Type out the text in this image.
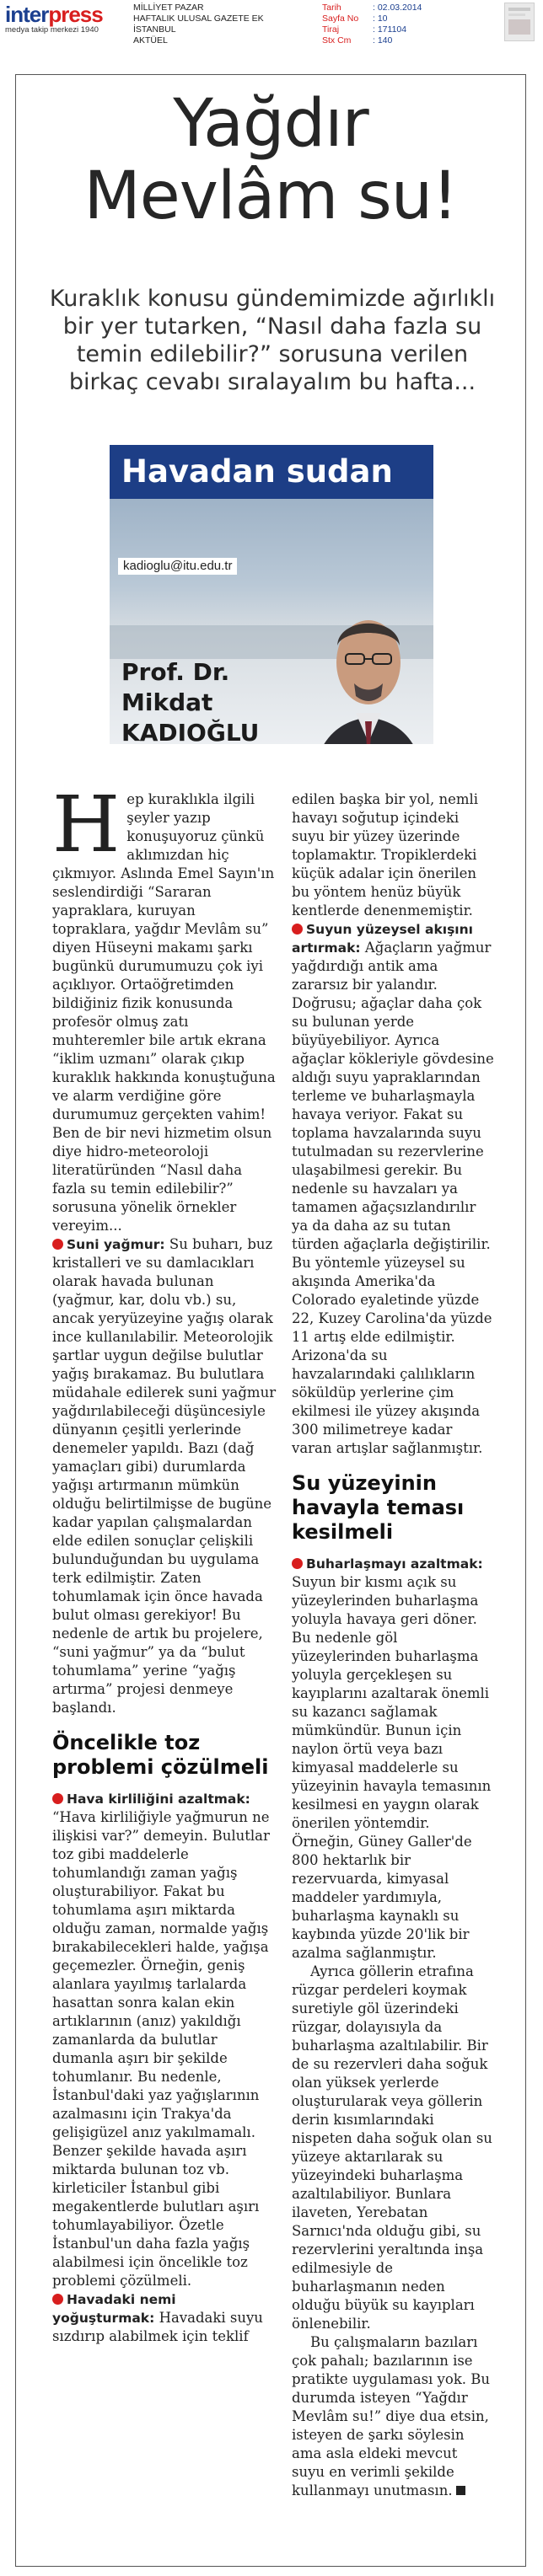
interpress
medya takip merkezi 1940
MİLLİYET PAZAR
HAFTALIK ULUSAL GAZETE EK
İSTANBUL
AKTÜEL
Tarih	: 02.03.2014
Sayfa No	: 10
Tiraj	: 171104
Stx Cm	: 140
Yağdır
Mevlâm su!
Kuraklık konusu gündemimizde ağırlıklı bir yer tutarken, “Nasıl daha fazla su temin edilebilir?” sorusuna verilen birkaç cevabı sıralayalım bu hafta...
Havadan sudan
kadioglu@itu.edu.tr
Prof. Dr.
Mikdat
KADIOĞLU

Hep kuraklıkla ilgili şeyler yazıp konuşuyoruz çünkü aklımızdan hiç çıkmıyor. Aslında Emel Sayın'ın seslendirdiği “Sararan yapraklara, kuruyan topraklara, yağdır Mevlâm su” diyen Hüseyni makamı şarkı bugünkü durumumuzu çok iyi açıklıyor. Ortaöğretimden bildiğiniz fizik konusunda profesör olmuş zatı muhteremler bile artık ekrana “iklim uzmanı” olarak çıkıp kuraklık hakkında konuştuğuna ve alarm verdiğine göre durumumuz gerçekten vahim! Ben de bir nevi hizmetim olsun diye hidro-meteoroloji literatüründen “Nasıl daha fazla su temin edilebilir?” sorusuna yönelik örnekler vereyim...

Suni yağmur: Su buharı, buz kristalleri ve su damlacıkları olarak havada bulunan (yağmur, kar, dolu vb.) su, ancak yeryüzeyine yağış olarak ince kullanılabilir. Meteorolojik şartlar uygun değilse bulutlar yağış bırakamaz. Bu bulutlara müdahale edilerek suni yağmur yağdırılabileceği düşüncesiyle dünyanın çeşitli yerlerinde denemeler yapıldı. Bazı (dağ yamaçları gibi) durumlarda yağışı artırmanın mümkün olduğu belirtilmişse de bugüne kadar yapılan çalışmalardan elde edilen sonuçlar çelişkili bulunduğundan bu uygulama terk edilmiştir. Zaten tohumlamak için önce havada bulut olması gerekiyor! Bu nedenle de artık bu projelere, “suni yağmur” ya da “bulut tohumlama” yerine “yağış artırma” projesi denmeye başlandı.

Öncelikle toz problemi çözülmeli

Hava kirliliğini azaltmak: “Hava kirliliğiyle yağmurun ne ilişkisi var?” demeyin. Bulutlar toz gibi maddelerle tohumlandığı zaman yağış oluşturabiliyor. Fakat bu tohumlama aşırı miktarda olduğu zaman, normalde yağış bırakabilecekleri halde, yağışa geçemezler. Örneğin, geniş alanlara yayılmış tarlalarda hasattan sonra kalan ekin artıklarının (anız) yakıldığı zamanlarda da bulutlar dumanla aşırı bir şekilde tohumlanır. Bu nedenle, İstanbul'daki yaz yağışlarının azalmasını için Trakya'da gelişigüzel anız yakılmamalı. Benzer şekilde havada aşırı miktarda bulunan toz vb. kirleticiler İstanbul gibi megakentlerde bulutları aşırı tohumlayabiliyor. Özetle İstanbul'un daha fazla yağış alabilmesi için öncelikle toz problemi çözülmeli.

Havadaki nemi yoğuşturmak: Havadaki suyu sızdırıp alabilmek için teklif

edilen başka bir yol, nemli havayı soğutup içindeki suyu bir yüzey üzerinde toplamaktır. Tropiklerdeki küçük adalar için önerilen bu yöntem henüz büyük kentlerde denenmemiştir.

Suyun yüzeysel akışını artırmak: Ağaçların yağmur yağdırdığı antik ama zararsız bir yalandır. Doğrusu; ağaçlar daha çok su bulunan yerde büyüyebiliyor. Ayrıca ağaçlar kökleriyle gövdesine aldığı suyu yapraklarından terleme ve buharlaşmayla havaya veriyor. Fakat su toplama havzalarında suyu tutulmadan su rezervlerine ulaşabilmesi gerekir. Bu nedenle su havzaları ya tamamen ağaçsızlandırılır ya da daha az su tutan türden ağaçlarla değiştirilir. Bu yöntemle yüzeysel su akışında Amerika'da Colorado eyaletinde yüzde 22, Kuzey Carolina'da yüzde 11 artış elde edilmiştir. Arizona'da su havzalarındaki çalılıkların söküldüp yerlerine çim ekilmesi ile yüzey akışında 300 milimetreye kadar varan artışlar sağlanmıştır.

Su yüzeyinin havayla teması kesilmeli

Buharlaşmayı azaltmak: Suyun bir kısmı açık su yüzeylerinden buharlaşma yoluyla havaya geri döner. Bu nedenle göl yüzeylerinden buharlaşma yoluyla gerçekleşen su kayıplarını azaltarak önemli su kazancı sağlamak mümkündür. Bunun için naylon örtü veya bazı kimyasal maddelerle su yüzeyinin havayla temasının kesilmesi en yaygın olarak önerilen yöntemdir. Örneğin, Güney Galler'de 800 hektarlık bir rezervuarda, kimyasal maddeler yardımıyla, buharlaşma kaynaklı su kaybında yüzde 20'lik bir azalma sağlanmıştır.

Ayrıca göllerin etrafına rüzgar perdeleri koymak suretiyle göl üzerindeki rüzgar, dolayısıyla da buharlaşma azaltılabilir. Bir de su rezervleri daha soğuk olan yüksek yerlerde oluşturularak veya göllerin derin kısımlarındaki nispeten daha soğuk olan su yüzeye aktarılarak su yüzeyindeki buharlaşma azaltılabiliyor. Bunlara ilaveten, Yerebatan Sarnıcı'nda olduğu gibi, su rezervlerini yeraltında inşa edilmesiyle de buharlaşmanın neden olduğu büyük su kayıpları önlenebilir.

Bu çalışmaların bazıları çok pahalı; bazılarının ise pratikte uygulaması yok. Bu durumda isteyen “Yağdır Mevlâm su!” diye dua etsin, isteyen de şarkı söylesin ama asla eldeki mevcut suyu en verimli şekilde kullanmayı unutmasın.
